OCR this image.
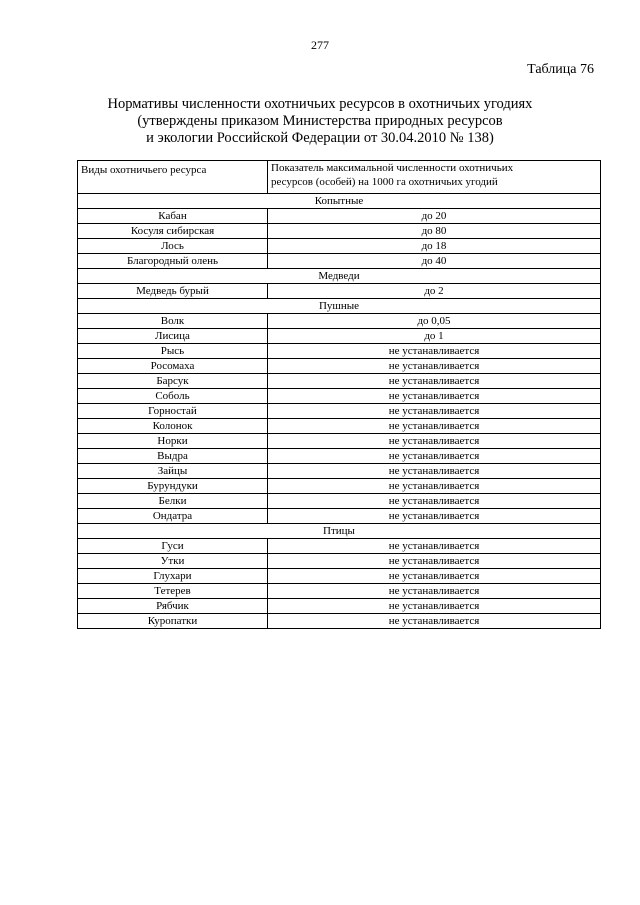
277
Таблица 76
Нормативы численности охотничьих ресурсов в охотничьих угодиях
(утверждены приказом Министерства природных ресурсов
и экологии Российской Федерации от 30.04.2010 № 138)
Виды охотничьего ресурса	Показатель максимальной численности охотничьих
ресурсов (особей) на 1000 га охотничьих угодий

Копытные	
Кабан	до 20
Косуля сибирская	до 80
Лось	до 18
Благородный олень	до 40
Медведи	
Медведь бурый	до 2
Пушные	
Волк	до 0,05
Лисица	до 1
Рысь	не устанавливается
Росомаха	не устанавливается
Барсук	не устанавливается
Соболь	не устанавливается
Горностай	не устанавливается
Колонок	не устанавливается
Норки	не устанавливается
Выдра	не устанавливается
Зайцы	не устанавливается
Бурундуки	не устанавливается
Белки	не устанавливается
Ондатра	не устанавливается
Птицы	
Гуси	не устанавливается
Утки	не устанавливается
Глухари	не устанавливается
Тетерев	не устанавливается
Рябчик	не устанавливается
Куропатки	не устанавливается
